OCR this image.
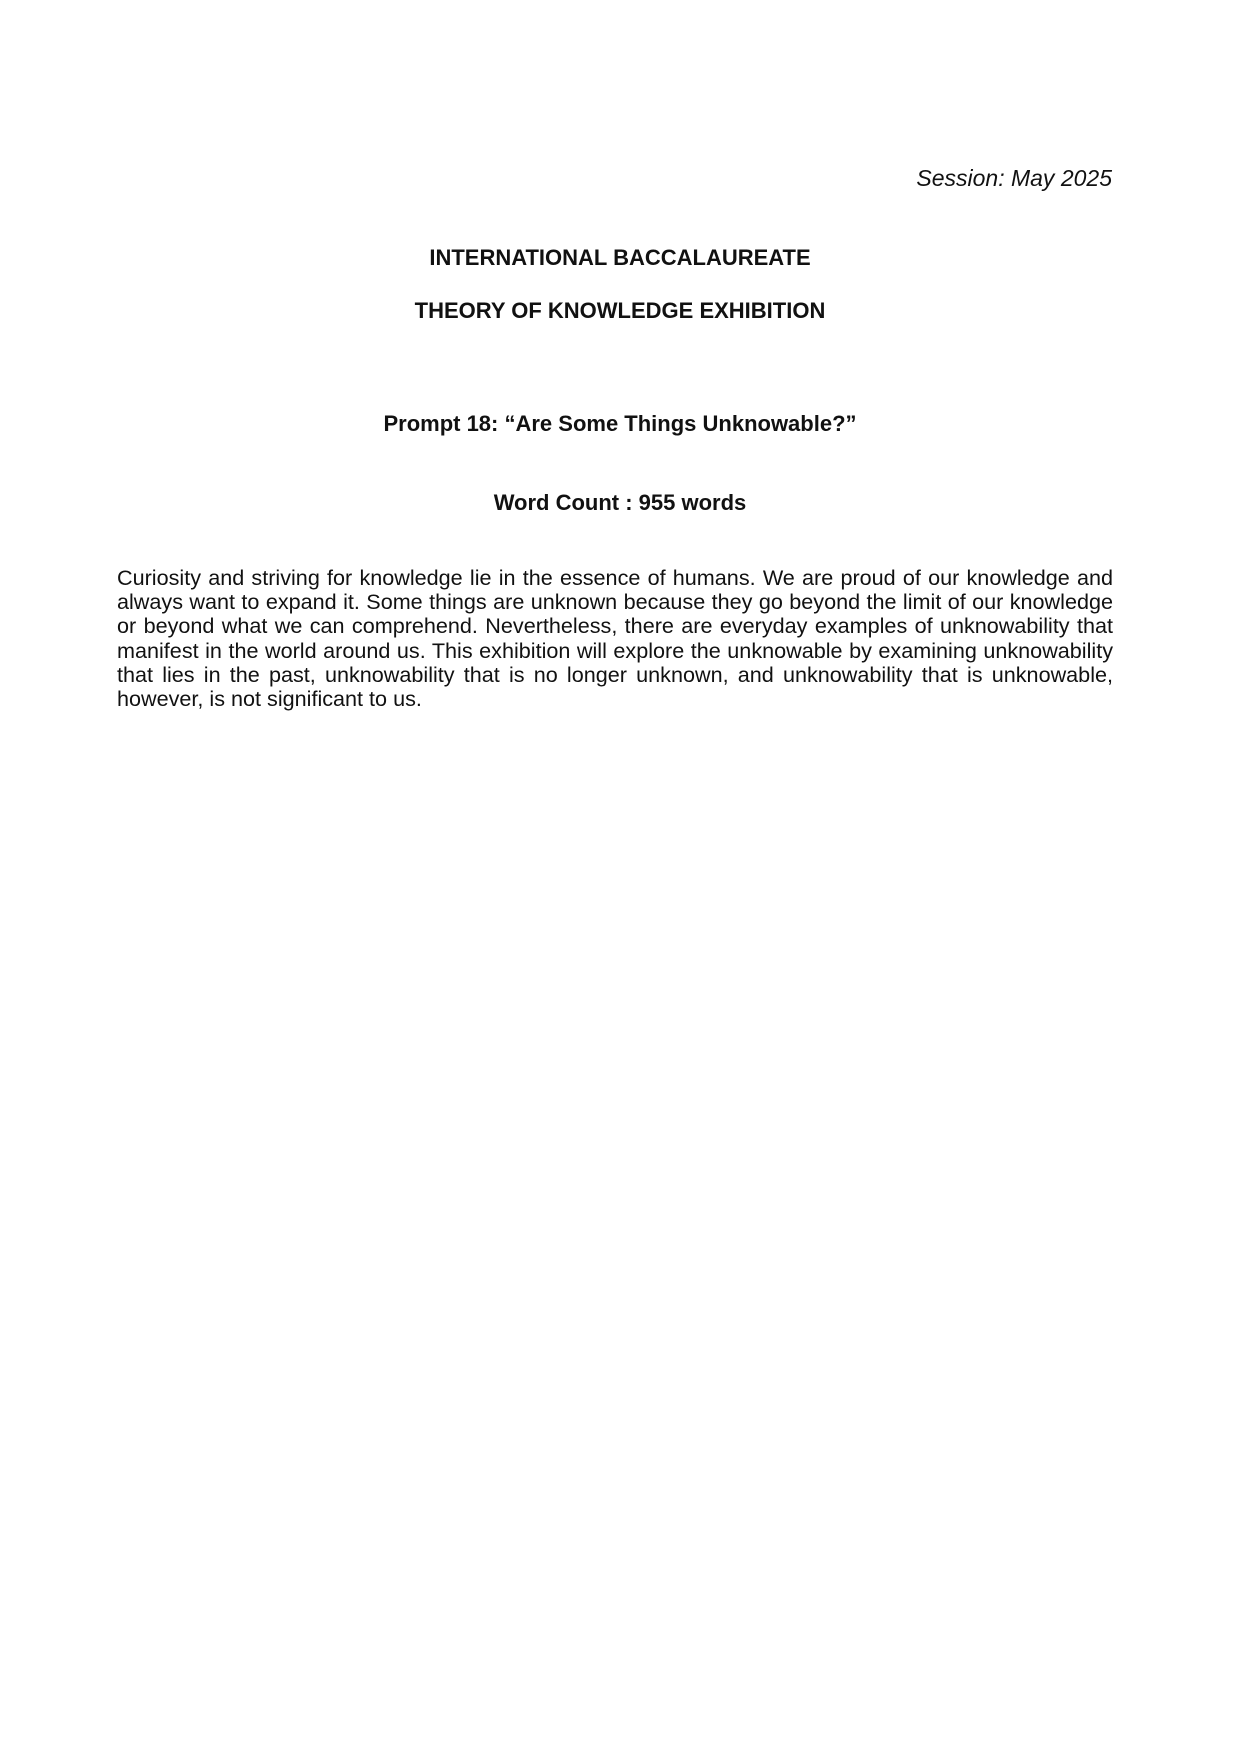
Session: May 2025
INTERNATIONAL BACCALAUREATE
THEORY OF KNOWLEDGE EXHIBITION
Prompt 18: “Are Some Things Unknowable?”
Word Count : 955 words

Curiosity and striving for knowledge lie in the essence of humans. We are proud of our knowledge and always want to expand it. Some things are unknown because they go beyond the limit of our knowledge or beyond what we can comprehend. Nevertheless, there are everyday examples of unknowability that manifest in the world around us. This exhibition will explore the unknowable by examining unknowability that lies in the past, unknowability that is no longer unknown, and unknowability that is unknowable, however, is not significant to us.
